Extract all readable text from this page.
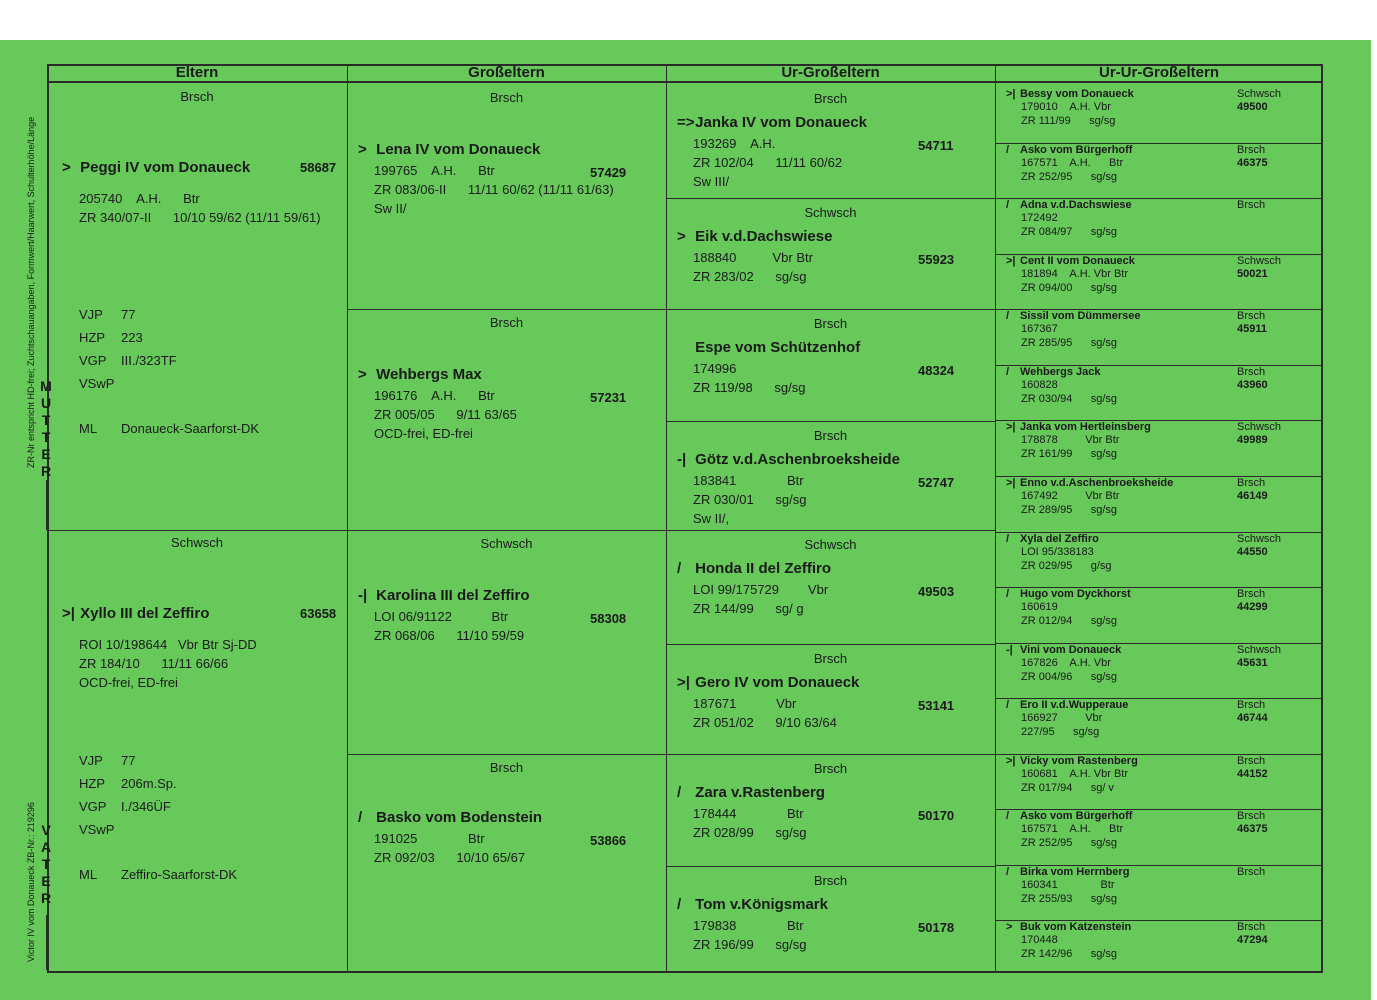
Eltern	Großeltern	Ur-Großeltern	Ur-Ur-Großeltern
M
U
T
T
E
R
V
A
T
E
R
ZR-Nr entspricht HD-frei; Zuchtschauangaben, Formwert/Haarwert, Schulterhöhe/Länge
Victor IV vom Donaueck ZB-Nr.: 219296
Brsch
> Peggi IV vom Donaueck	58687
205740    A.H.      Btr
ZR 340/07-II      10/10 59/62 (11/11 59/61)
VJP 77
HZP 223
VGP III./323TF
VSwP
ML Donaueck-Saarforst-DK
Schwsch
>| Xyllo III del Zeffiro	63658
ROI 10/198644   Vbr Btr Sj-DD
ZR 184/10      11/11 66/66
OCD-frei, ED-frei
VJP 77
HZP 206m.Sp.
VGP I./346ÜF
VSwP
ML Zeffiro-Saarforst-DK
Brsch
> Lena IV vom Donaueck
57429
199765    A.H.      Btr
ZR 083/06-II      11/11 60/62 (11/11 61/63)
Sw II/
Brsch
> Wehbergs Max
57231
196176    A.H.      Btr
ZR 005/05      9/11 63/65
OCD-frei, ED-frei
Schwsch
-| Karolina III del Zeffiro
58308
LOI 06/91122           Btr
ZR 068/06      11/10 59/59
Brsch
/ Basko vom Bodenstein
53866
191025              Btr
ZR 092/03      10/10 65/67
Brsch
=> Janka IV vom Donaueck
54711
193269    A.H.
ZR 102/04      11/11 60/62
Sw III/
Schwsch
> Eik v.d.Dachswiese
55923
188840          Vbr Btr
ZR 283/02      sg/sg
Brsch
Espe vom Schützenhof
48324
174996
ZR 119/98      sg/sg
Brsch
-| Götz v.d.Aschenbroeksheide
52747
183841              Btr
ZR 030/01      sg/sg
Sw II/,
Schwsch
/ Honda II del Zeffiro
49503
LOI 99/175729        Vbr
ZR 144/99      sg/ g
Brsch
>| Gero IV vom Donaueck
53141
187671           Vbr
ZR 051/02      9/10 63/64
Brsch
/ Zara v.Rastenberg
50170
178444              Btr
ZR 028/99      sg/sg
Brsch
/ Tom v.Königsmark
50178
179838              Btr
ZR 196/99      sg/sg
>| Bessy vom Donaueck	Schwsch
49500
179010    A.H. Vbr
ZR 111/99      sg/sg
/ Asko vom Bürgerhoff	Brsch
46375
167571    A.H.      Btr
ZR 252/95      sg/sg
/ Adna v.d.Dachswiese	Brsch
172492
ZR 084/97      sg/sg
>| Cent II vom Donaueck	Schwsch
50021
181894    A.H. Vbr Btr
ZR 094/00      sg/sg
/ Sissil vom Dümmersee	Brsch
45911
167367
ZR 285/95      sg/sg
/ Wehbergs Jack	Brsch
43960
160828
ZR 030/94      sg/sg
>| Janka vom Hertleinsberg	Schwsch
49989
178878         Vbr Btr
ZR 161/99      sg/sg
>| Enno v.d.Aschenbroeksheide	Brsch
46149
167492         Vbr Btr
ZR 289/95      sg/sg
/ Xyla del Zeffiro	Schwsch
44550
LOI 95/338183
ZR 029/95      g/sg
/ Hugo vom Dyckhorst	Brsch
44299
160619
ZR 012/94      sg/sg
-| Vini vom Donaueck	Schwsch
45631
167826    A.H. Vbr
ZR 004/96      sg/sg
/ Ero II v.d.Wupperaue	Brsch
46744
166927         Vbr
227/95      sg/sg
>| Vicky vom Rastenberg	Brsch
44152
160681    A.H. Vbr Btr
ZR 017/94      sg/ v
/ Asko vom Bürgerhoff	Brsch
46375
167571    A.H.      Btr
ZR 252/95      sg/sg
/ Birka vom Herrnberg	Brsch
160341              Btr
ZR 255/93      sg/sg
> Buk vom Katzenstein	Brsch
47294
170448
ZR 142/96      sg/sg
